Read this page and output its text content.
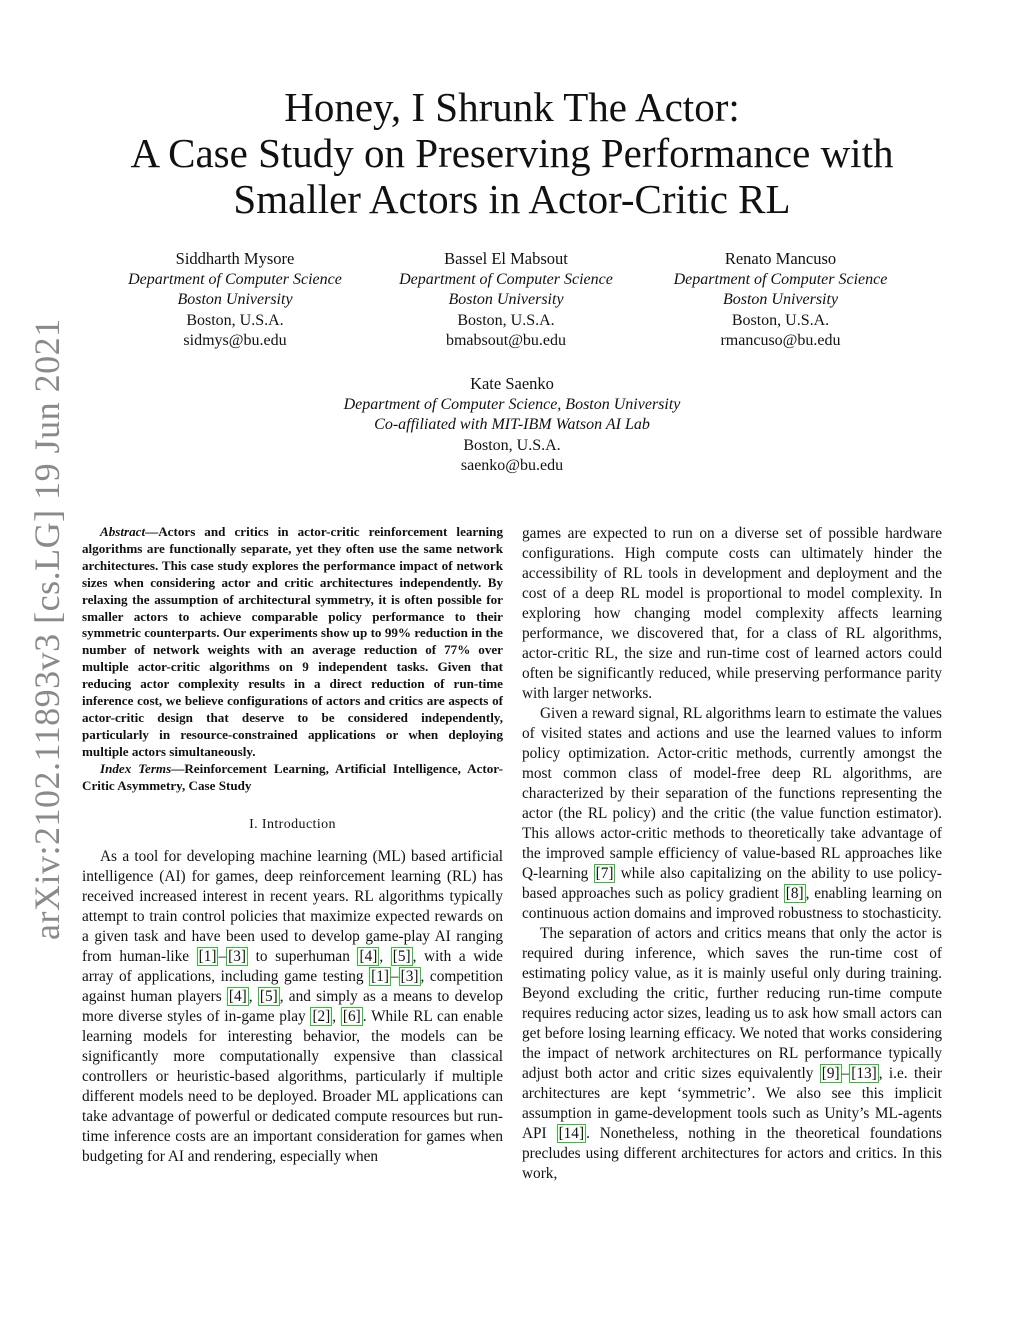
arXiv:2102.11893v3 [cs.LG] 19 Jun 2021
Honey, I Shrunk The Actor:
A Case Study on Preserving Performance with
Smaller Actors in Actor-Critic RL
Siddharth Mysore
Department of Computer Science
Boston University
Boston, U.S.A.
sidmys@bu.edu
Bassel El Mabsout
Department of Computer Science
Boston University
Boston, U.S.A.
bmabsout@bu.edu
Renato Mancuso
Department of Computer Science
Boston University
Boston, U.S.A.
rmancuso@bu.edu
Kate Saenko
Department of Computer Science, Boston University
Co-affiliated with MIT-IBM Watson AI Lab
Boston, U.S.A.
saenko@bu.edu

Abstract—Actors and critics in actor-critic reinforcement learning algorithms are functionally separate, yet they often use the same network architectures. This case study explores the performance impact of network sizes when considering actor and critic architectures independently. By relaxing the assumption of architectural symmetry, it is often possible for smaller actors to achieve comparable policy performance to their symmetric counterparts. Our experiments show up to 99% reduction in the number of network weights with an average reduction of 77% over multiple actor-critic algorithms on 9 independent tasks. Given that reducing actor complexity results in a direct reduction of run-time inference cost, we believe configurations of actors and critics are aspects of actor-critic design that deserve to be considered independently, particularly in resource-constrained applications or when deploying multiple actors simultaneously.

Index Terms—Reinforcement Learning, Artificial Intelligence, Actor-Critic Asymmetry, Case Study

I. Introduction

As a tool for developing machine learning (ML) based artificial intelligence (AI) for games, deep reinforcement learning (RL) has received increased interest in recent years. RL algorithms typically attempt to train control policies that maximize expected rewards on a given task and have been used to develop game-play AI ranging from human-like [1] – [3] to superhuman [4] , [5] , with a wide array of applications, including game testing [1] – [3] , competition against human players [4] , [5] , and simply as a means to develop more diverse styles of in-game play [2] , [6] . While RL can enable learning models for interesting behavior, the models can be significantly more computationally expensive than classical controllers or heuristic-based algorithms, particularly if multiple different models need to be deployed. Broader ML applications can take advantage of powerful or dedicated compute resources but run-time inference costs are an important consideration for games when budgeting for AI and rendering, especially when

games are expected to run on a diverse set of possible hardware configurations. High compute costs can ultimately hinder the accessibility of RL tools in development and deployment and the cost of a deep RL model is proportional to model complexity. In exploring how changing model complexity affects learning performance, we discovered that, for a class of RL algorithms, actor-critic RL, the size and run-time cost of learned actors could often be significantly reduced, while preserving performance parity with larger networks.

Given a reward signal, RL algorithms learn to estimate the values of visited states and actions and use the learned values to inform policy optimization. Actor-critic methods, currently amongst the most common class of model-free deep RL algorithms, are characterized by their separation of the functions representing the actor (the RL policy) and the critic (the value function estimator). This allows actor-critic methods to theoretically take advantage of the improved sample efficiency of value-based RL approaches like Q-learning [7] while also capitalizing on the ability to use policy-based approaches such as policy gradient [8] , enabling learning on continuous action domains and improved robustness to stochasticity.

The separation of actors and critics means that only the actor is required during inference, which saves the run-time cost of estimating policy value, as it is mainly useful only during training. Beyond excluding the critic, further reducing run-time compute requires reducing actor sizes, leading us to ask how small actors can get before losing learning efficacy. We noted that works considering the impact of network architectures on RL performance typically adjust both actor and critic sizes equivalently [9] – [13] , i.e. their architectures are kept ‘symmetric’. We also see this implicit assumption in game-development tools such as Unity’s ML-agents API [14] . Nonetheless, nothing in the theoretical foundations precludes using different architectures for actors and critics. In this work,
